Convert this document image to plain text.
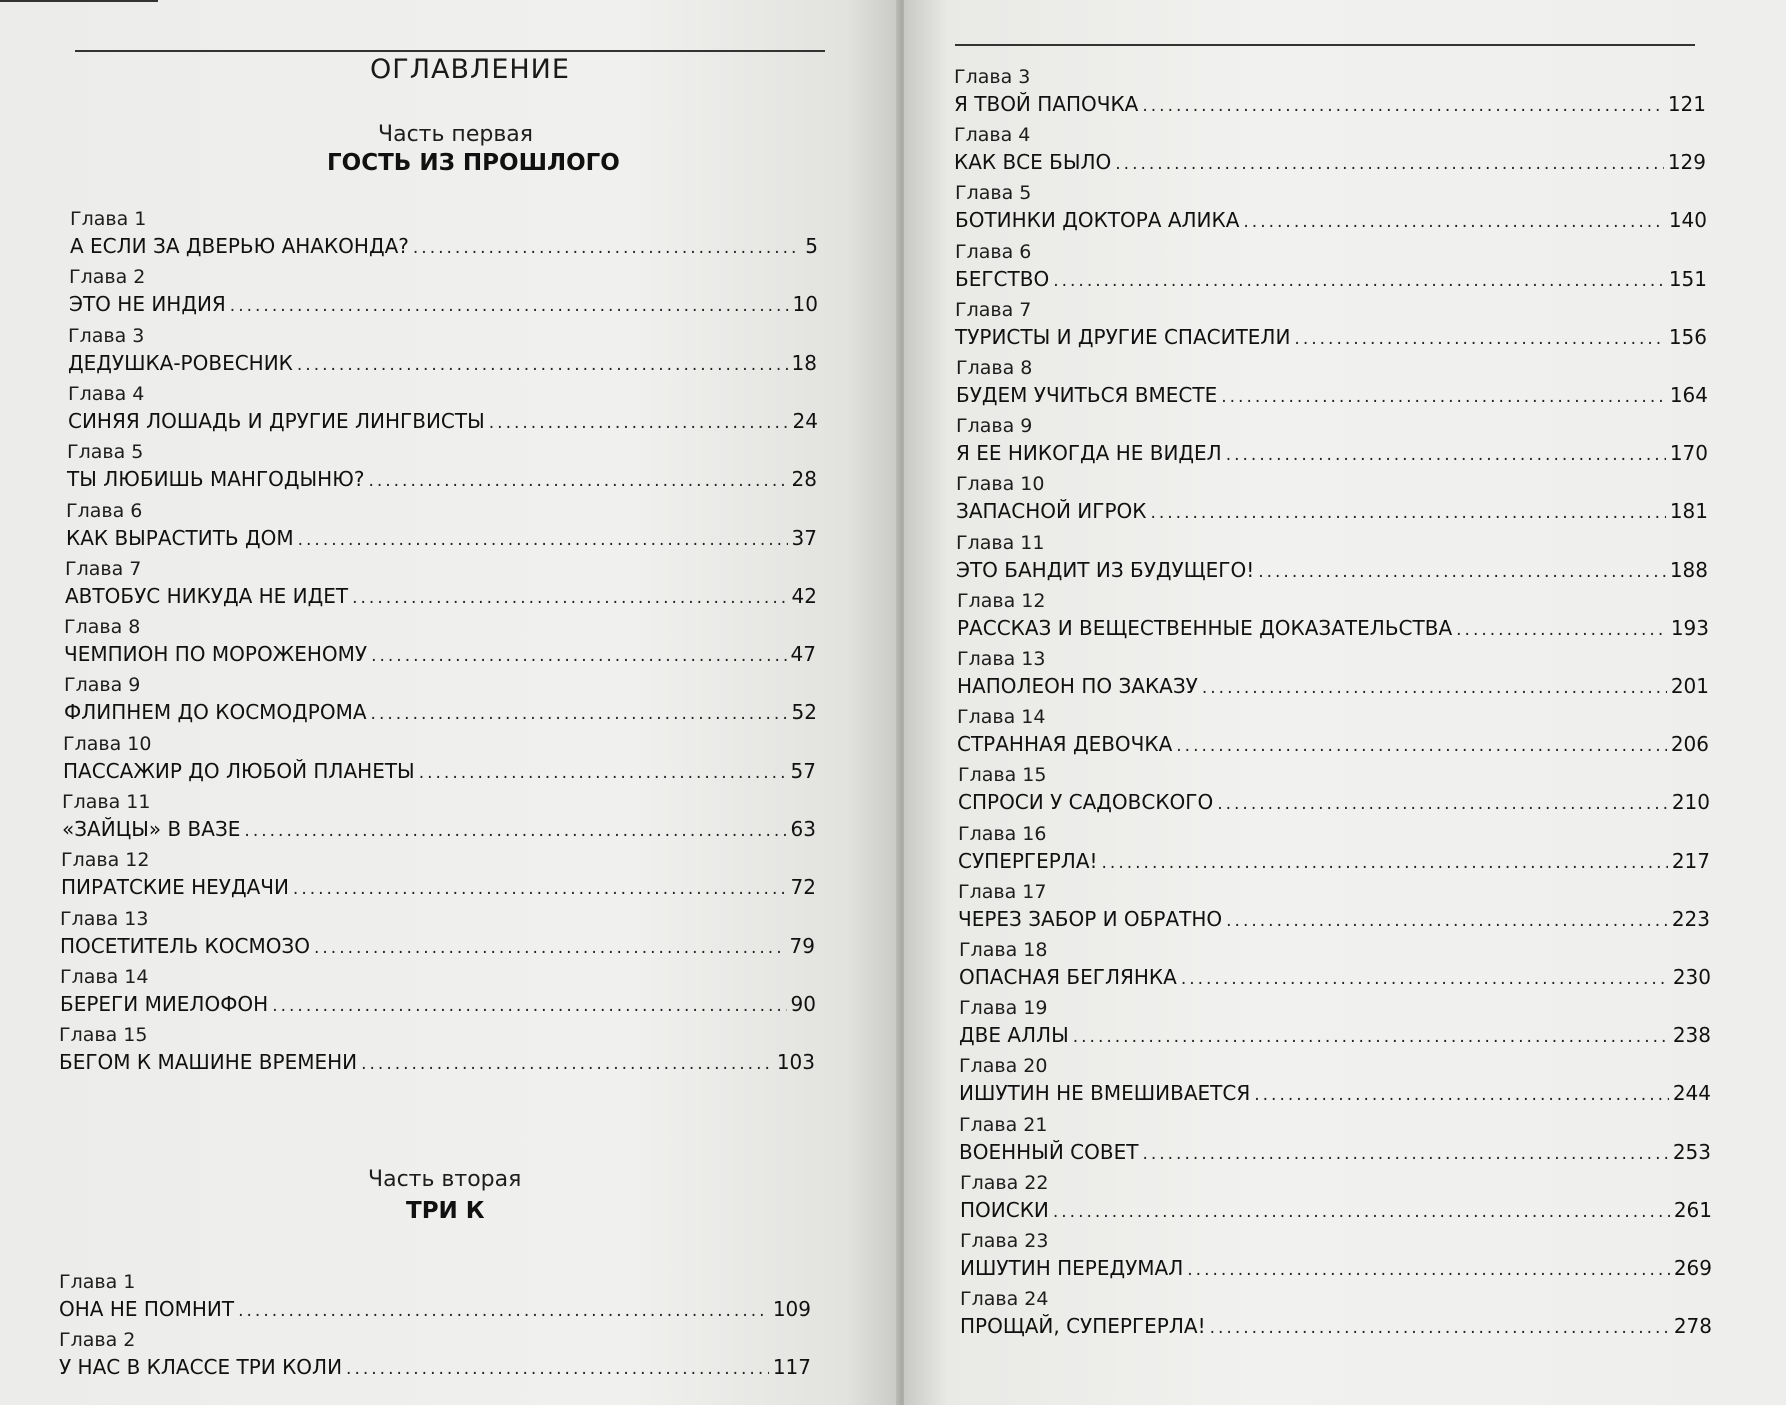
ОГЛАВЛЕНИЕ
Часть первая
ГОСТЬ ИЗ ПРОШЛОГО
Глава 1
А ЕСЛИ ЗА ДВЕРЬЮ АНАКОНДА? .....	5
Глава 2
ЭТО НЕ ИНДИЯ .....	10
Глава 3
ДЕДУШКА-РОВЕСНИК .....	18
Глава 4
СИНЯЯ ЛОШАДЬ И ДРУГИЕ ЛИНГВИСТЫ .....	24
Глава 5
ТЫ ЛЮБИШЬ МАНГОДЫНЮ? .....	28
Глава 6
КАК ВЫРАСТИТЬ ДОМ .....	37
Глава 7
АВТОБУС НИКУДА НЕ ИДЕТ .....	42
Глава 8
ЧЕМПИОН ПО МОРОЖЕНОМУ .....	47
Глава 9
ФЛИПНЕМ ДО КОСМОДРОМА .....	52
Глава 10
ПАССАЖИР ДО ЛЮБОЙ ПЛАНЕТЫ .....	57
Глава 11
«ЗАЙЦЫ» В ВАЗЕ .....	63
Глава 12
ПИРАТСКИЕ НЕУДАЧИ .....	72
Глава 13
ПОСЕТИТЕЛЬ КОСМОЗО .....	79
Глава 14
БЕРЕГИ МИЕЛОФОН .....	90
Глава 15
БЕГОМ К МАШИНЕ ВРЕМЕНИ .....	103
Часть вторая
ТРИ К
Глава 1
ОНА НЕ ПОМНИТ .....	109
Глава 2
У НАС В КЛАССЕ ТРИ КОЛИ .....	117
Глава 3
Я ТВОЙ ПАПОЧКА .....	121
Глава 4
КАК ВСЕ БЫЛО .....	129
Глава 5
БОТИНКИ ДОКТОРА АЛИКА .....	140
Глава 6
БЕГСТВО .....	151
Глава 7
ТУРИСТЫ И ДРУГИЕ СПАСИТЕЛИ .....	156
Глава 8
БУДЕМ УЧИТЬСЯ ВМЕСТЕ .....	164
Глава 9
Я ЕЕ НИКОГДА НЕ ВИДЕЛ .....	170
Глава 10
ЗАПАСНОЙ ИГРОК .....	181
Глава 11
ЭТО БАНДИТ ИЗ БУДУЩЕГО! .....	188
Глава 12
РАССКАЗ И ВЕЩЕСТВЕННЫЕ ДОКАЗАТЕЛЬСТВА .....	193
Глава 13
НАПОЛЕОН ПО ЗАКАЗУ .....	201
Глава 14
СТРАННАЯ ДЕВОЧКА .....	206
Глава 15
СПРОСИ У САДОВСКОГО .....	210
Глава 16
СУПЕРГЕРЛА! .....	217
Глава 17
ЧЕРЕЗ ЗАБОР И ОБРАТНО .....	223
Глава 18
ОПАСНАЯ БЕГЛЯНКА .....	230
Глава 19
ДВЕ АЛЛЫ .....	238
Глава 20
ИШУТИН НЕ ВМЕШИВАЕТСЯ .....	244
Глава 21
ВОЕННЫЙ СОВЕТ .....	253
Глава 22
ПОИСКИ .....	261
Глава 23
ИШУТИН ПЕРЕДУМАЛ .....	269
Глава 24
ПРОЩАЙ, СУПЕРГЕРЛА! .....	278
